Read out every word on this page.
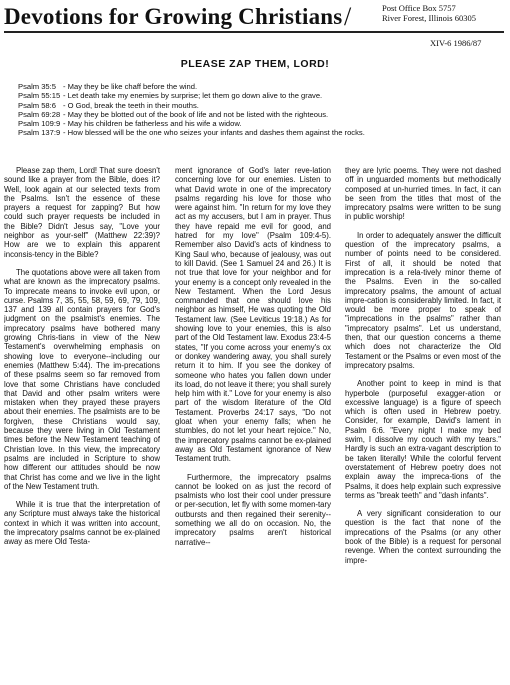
Devotions for Growing Christians /	Post Office Box 5757
River Forest, Illinois 60305
XIV-6 1986/87
PLEASE ZAP THEM, LORD!
Psalm 35:5 - May they be like chaff before the wind.
Psalm 55:15 - Let death take my enemies by surprise; let them go down alive to the grave.
Psalm 58:6 - O God, break the teeth in their mouths.
Psalm 69:28 - May they be blotted out of the book of life and not be listed with the righteous.
Psalm 109:9 - May his children be fatherless and his wife a widow.
Psalm 137:9 - How blessed will be the one who seizes your infants and dashes them against the rocks.

Please zap them, Lord! That sure doesn't sound like a prayer from the Bible, does it? Well, look again at our selected texts from the Psalms. Isn't the essence of these prayers a request for zapping? But how could such prayer requests be included in the Bible? Didn't Jesus say, "Love your neighbor as your-self" (Matthew 22:39)? How are we to explain this apparent inconsis-tency in the Bible?

The quotations above were all taken from what are known as the imprecatory psalms. To imprecate means to invoke evil upon, or curse. Psalms 7, 35, 55, 58, 59, 69, 79, 109, 137 and 139 all contain prayers for God's judgment on the psalmist's enemies. The imprecatory psalms have bothered many growing Chris-tians in view of the New Testament's overwhelming emphasis on showing love to everyone--including our enemies (Matthew 5:44). The im-precations of these psalms seem so far removed from love that some Christians have concluded that David and other psalm writers were mistaken when they prayed these prayers about their enemies. The psalmists are to be forgiven, these Christians would say, because they were living in Old Testament times before the New Testament teaching of Christian love. In this view, the imprecatory psalms are included in Scripture to show how different our attitudes should be now that Christ has come and we live in the light of the New Testament truth.

While it is true that the interpretation of any Scripture must always take the historical context in which it was written into account, the imprecatory psalms cannot be ex-plained away as mere Old Testa-

ment ignorance of God's later reve-lation concerning love for our enemies. Listen to what David wrote in one of the imprecatory psalms regarding his love for those who were against him. "In return for my love they act as my accusers, but I am in prayer. Thus they have repaid me evil for good, and hatred for my love" (Psalm 109:4-5). Remember also David's acts of kindness to King Saul who, because of jealousy, was out to kill David. (See 1 Samuel 24 and 26.) It is not true that love for your neighbor and for your enemy is a concept only revealed in the New Testament. When the Lord Jesus commanded that one should love his neighbor as himself, He was quoting the Old Testament law. (See Leviticus 19:18.) As for showing love to your enemies, this is also part of the Old Testament law. Exodus 23:4-5 states, "If you come across your enemy's ox or donkey wandering away, you shall surely return it to him. If you see the donkey of someone who hates you fallen down under its load, do not leave it there; you shall surely help him with it." Love for your enemy is also part of the wisdom literature of the Old Testament. Proverbs 24:17 says, "Do not gloat when your enemy falls; when he stumbles, do not let your heart rejoice." No, the imprecatory psalms cannot be ex-plained away as Old Testament ignorance of New Testament truth.

Furthermore, the imprecatory psalms cannot be looked on as just the record of psalmists who lost their cool under pressure or per-secution, let fly with some momen-tary outbursts and then regained their serenity--something we all do on occasion. No, the imprecatory psalms aren't historical narrative--

they are lyric poems. They were not dashed off in unguarded moments but methodically composed at un-hurried times. In fact, it can be seen from the titles that most of the imprecatory psalms were written to be sung in public worship!

In order to adequately answer the difficult question of the imprecatory psalms, a number of points need to be considered. First of all, it should be noted that imprecation is a rela-tively minor theme of the Psalms. Even in the so-called imprecatory psalms, the amount of actual impre-cation is considerably limited. In fact, it would be more proper to speak of "imprecations in the psalms" rather than "imprecatory psalms". Let us understand, then, that our question concerns a theme which does not characterize the Old Testament or the Psalms or even most of the imprecatory psalms.

Another point to keep in mind is that hyperbole (purposeful exagger-ation or excessive language) is a figure of speech which is often used in Hebrew poetry. Consider, for example, David's lament in Psalm 6:6. "Every night I make my bed swim, I dissolve my couch with my tears." Hardly is such an extra-vagant description to be taken literally! While the colorful fervent overstatement of Hebrew poetry does not explain away the impreca-tions of the Psalms, it does help explain such expressive terms as "break teeth" and "dash infants".

A very significant consideration to our question is the fact that none of the imprecations of the Psalms (or any other book of the Bible) is a request for personal revenge. When the context surrounding the impre-
